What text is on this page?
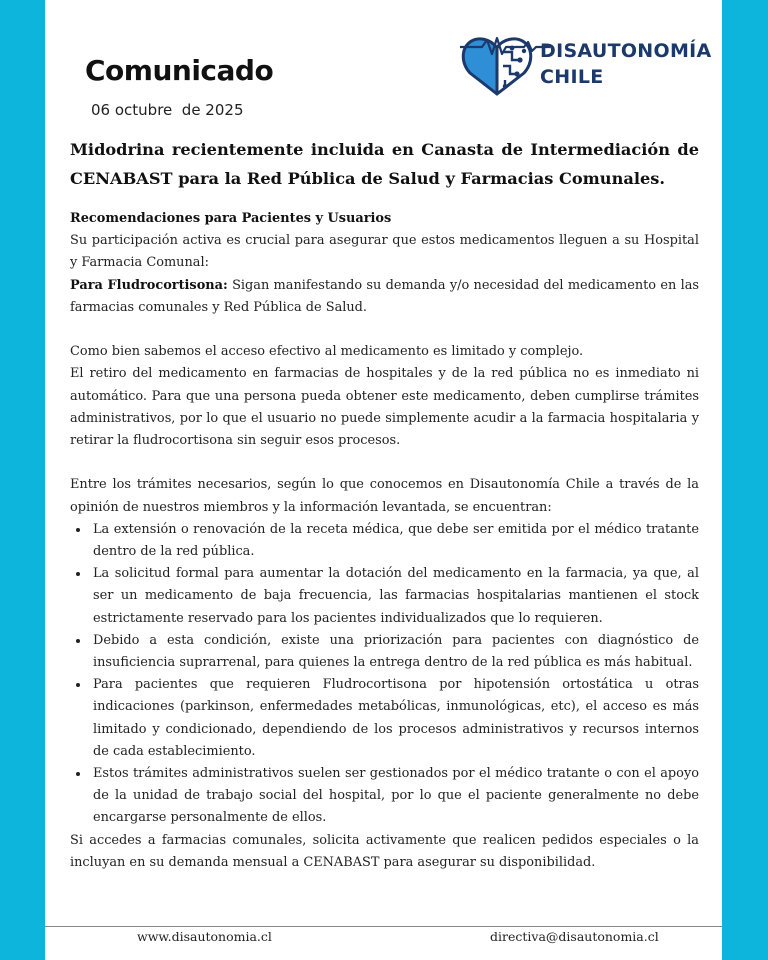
Comunicado
06 octubre  de 2025
DISAUTONOMÍA
CHILE
Midodrina recientemente incluida en Canasta de Intermediación de CENABAST para la Red Pública de Salud y Farmacias Comunales.

Recomendaciones para Pacientes y Usuarios

Su participación activa es crucial para asegurar que estos medicamentos lleguen a su Hospital y Farmacia Comunal:

Para Fludrocortisona: Sigan manifestando su demanda y/o necesidad del medicamento en las farmacias comunales y Red Pública de Salud.

Como bien sabemos el acceso efectivo al medicamento es limitado y complejo.

El retiro del medicamento en farmacias de hospitales y de la red pública no es inmediato ni automático. Para que una persona pueda obtener este medicamento, deben cumplirse trámites administrativos, por lo que el usuario no puede simplemente acudir a la farmacia hospitalaria y retirar la fludrocortisona sin seguir esos procesos.

Entre los trámites necesarios, según lo que conocemos en Disautonomía Chile a través de la opinión de nuestros miembros y la información levantada, se encuentran:

• La extensión o renovación de la receta médica, que debe ser emitida por el médico tratante dentro de la red pública.
• La solicitud formal para aumentar la dotación del medicamento en la farmacia, ya que, al ser un medicamento de baja frecuencia, las farmacias hospitalarias mantienen el stock estrictamente reservado para los pacientes individualizados que lo requieren.
• Debido a esta condición, existe una priorización para pacientes con diagnóstico de insuficiencia suprarrenal, para quienes la entrega dentro de la red pública es más habitual.
• Para pacientes que requieren Fludrocortisona por hipotensión ortostática u otras indicaciones (parkinson, enfermedades metabólicas, inmunológicas, etc), el acceso es más limitado y condicionado, dependiendo de los procesos administrativos y recursos internos de cada establecimiento.
• Estos trámites administrativos suelen ser gestionados por el médico tratante o con el apoyo de la unidad de trabajo social del hospital, por lo que el paciente generalmente no debe encargarse personalmente de ellos.

Si accedes a farmacias comunales, solicita activamente que realicen pedidos especiales o la incluyan en su demanda mensual a CENABAST para asegurar su disponibilidad.

www.disautonomia.cl	directiva@disautonomia.cl
